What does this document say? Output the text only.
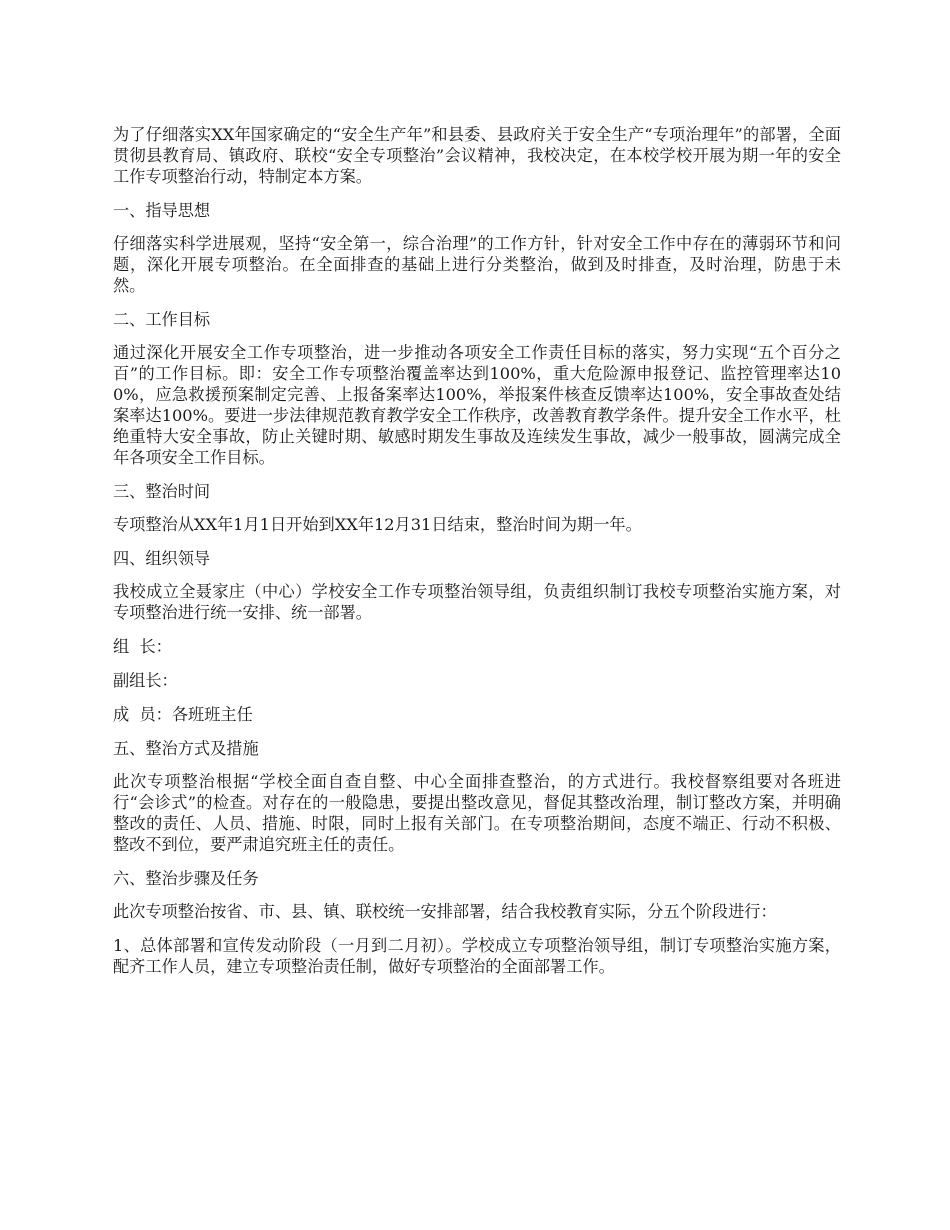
为了仔细落实XX年国家确定的“安全生产年”和县委、县政府关于安全生产“专项治理年”的部署，全面贯彻县教育局、镇政府、联校“安全专项整治”会议精神，我校决定，在本校学校开展为期一年的安全工作专项整治行动，特制定本方案。

一、指导思想

仔细落实科学进展观，坚持“安全第一，综合治理”的工作方针，针对安全工作中存在的薄弱环节和问题，深化开展专项整治。在全面排查的基础上进行分类整治，做到及时排查，及时治理，防患于未然。

二、工作目标

通过深化开展安全工作专项整治，进一步推动各项安全工作责任目标的落实，努力实现“五个百分之百”的工作目标。即：安全工作专项整治覆盖率达到100%，重大危险源申报登记、监控管理率达100%，应急救援预案制定完善、上报备案率达100%，举报案件核查反馈率达100%，安全事故查处结案率达100%。要进一步法律规范教育教学安全工作秩序，改善教育教学条件。提升安全工作水平，杜绝重特大安全事故，防止关键时期、敏感时期发生事故及连续发生事故，减少一般事故，圆满完成全年各项安全工作目标。

三、整治时间

专项整治从XX年1月1日开始到XX年12月31日结束，整治时间为期一年。

四、组织领导

我校成立全聂家庄（中心）学校安全工作专项整治领导组，负责组织制订我校专项整治实施方案，对专项整治进行统一安排、统一部署。

组  长：

副组长：

成  员：各班班主任

五、整治方式及措施

此次专项整治根据“学校全面自查自整、中心全面排查整治，的方式进行。我校督察组要对各班进行“会诊式”的检查。对存在的一般隐患，要提出整改意见，督促其整改治理，制订整改方案，并明确整改的责任、人员、措施、时限，同时上报有关部门。在专项整治期间，态度不端正、行动不积极、整改不到位，要严肃追究班主任的责任。

六、整治步骤及任务

此次专项整治按省、市、县、镇、联校统一安排部署，结合我校教育实际，分五个阶段进行：

1、总体部署和宣传发动阶段（一月到二月初）。学校成立专项整治领导组，制订专项整治实施方案，配齐工作人员，建立专项整治责任制，做好专项整治的全面部署工作。
